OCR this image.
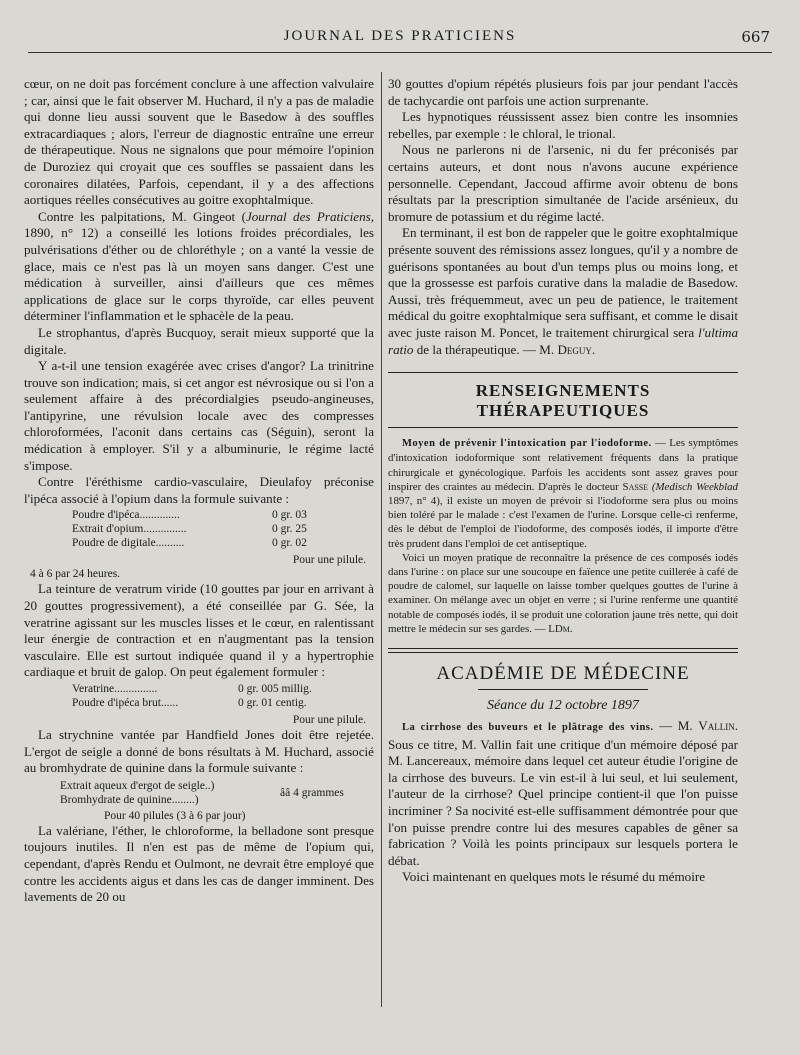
JOURNAL DES PRATICIENS	667

cœur, on ne doit pas forcément conclure à une affection valvulaire ; car, ainsi que le fait observer M. Huchard, il n'y a pas de maladie qui donne lieu aussi souvent que le Basedow à des souffles extracardiaques ; alors, l'erreur de diagnostic entraîne une erreur de thérapeutique. Nous ne signalons que pour mémoire l'opinion de Duroziez qui croyait que ces souffles se passaient dans les coronaires dilatées, Parfois, cependant, il y a des affections aortiques réelles consécutives au goitre exophtalmique.

Contre les palpitations, M. Gingeot (Journal des Praticiens, 1890, n° 12) a conseillé les lotions froides précordiales, les pulvérisations d'éther ou de chloréthyle ; on a vanté la vessie de glace, mais ce n'est pas là un moyen sans danger. C'est une médication à surveiller, ainsi d'ailleurs que ces mêmes applications de glace sur le corps thyroïde, car elles peuvent déterminer l'inflammation et le sphacèle de la peau.

Le strophantus, d'après Bucquoy, serait mieux supporté que la digitale.

Y a-t-il une tension exagérée avec crises d'angor? La trinitrine trouve son indication; mais, si cet angor est névrosique ou si l'on a seulement affaire à des précordialgies pseudo-angineuses, l'antipyrine, une révulsion locale avec des compresses chloroformées, l'aconit dans certains cas (Séguin), seront la médication à employer. S'il y a albuminurie, le régime lacté s'impose.

Contre l'éréthisme cardio-vasculaire, Dieulafoy préconise l'ipéca associé à l'opium dans la formule suivante :

Poudre d'ipéca..............	0 gr. 03
Extrait d'opium...............	0 gr. 25
Poudre de digitale..........	0 gr. 02
Pour une pilule.
4 à 6 par 24 heures.

La teinture de veratrum viride (10 gouttes par jour en arrivant à 20 gouttes progressivement), a été conseillée par G. Sée, la veratrine agissant sur les muscles lisses et le cœur, en ralentissant leur énergie de contraction et en n'augmentant pas la tension vasculaire. Elle est surtout indiquée quand il y a hypertrophie cardiaque et bruit de galop. On peut également formuler :

Veratrine...............	0 gr. 005 millig.
Poudre d'ipéca brut......	0 gr. 01 centig.
Pour une pilule.

La strychnine vantée par Handfield Jones doit être rejetée. L'ergot de seigle a donné de bons résultats à M. Huchard, associé au bromhydrate de quinine dans la formule suivante :

Extrait aqueux d'ergot de seigle..)
Bromhydrate de quinine........)
ââ 4 grammes
Pour 40 pilules (3 à 6 par jour)

La valériane, l'éther, le chloroforme, la belladone sont presque toujours inutiles. Il n'en est pas de même de l'opium qui, cependant, d'après Rendu et Oulmont, ne devrait être employé que contre les accidents aigus et dans les cas de danger imminent. Des lavements de 20 ou

30 gouttes d'opium répétés plusieurs fois par jour pendant l'accès de tachycardie ont parfois une action surprenante.

Les hypnotiques réussissent assez bien contre les insomnies rebelles, par exemple : le chloral, le trional.

Nous ne parlerons ni de l'arsenic, ni du fer préconisés par certains auteurs, et dont nous n'avons aucune expérience personnelle. Cependant, Jaccoud affirme avoir obtenu de bons résultats par la prescription simultanée de l'acide arsénieux, du bromure de potassium et du régime lacté.

En terminant, il est bon de rappeler que le goitre exophtalmique présente souvent des rémissions assez longues, qu'il y a nombre de guérisons spontanées au bout d'un temps plus ou moins long, et que la grossesse est parfois curative dans la maladie de Basedow. Aussi, très fréquemmeut, avec un peu de patience, le traitement médical du goitre exophtalmique sera suffisant, et comme le disait avec juste raison M. Poncet, le traitement chirurgical sera l'ultima ratio de la thérapeutique. — M. Deguy.

RENSEIGNEMENTS THÉRAPEUTIQUES

Moyen de prévenir l'intoxication par l'iodoforme. — Les symptômes d'intoxication iodoformique sont relativement fréquents dans la pratique chirurgicale et gynécologique. Parfois les accidents sont assez graves pour inspirer des craintes au médecin. D'après le docteur Sasse (Medisch Weekblad 1897, n° 4), il existe un moyen de prévoir si l'iodoforme sera plus ou moins bien toléré par le malade : c'est l'examen de l'urine. Lorsque celle-ci renferme, dès le début de l'emploi de l'iodoforme, des composés iodés, il importe d'être très prudent dans l'emploi de cet antiseptique.

Voici un moyen pratique de reconnaître la présence de ces composés iodés dans l'urine : on place sur une soucoupe en faïence une petite cuillerée à café de poudre de calomel, sur laquelle on laisse tomber quelques gouttes de l'urine à examiner. On mélange avec un objet en verre ; si l'urine renferme une quantité notable de composés iodés, il se produit une coloration jaune très nette, qui doit mettre le médecin sur ses gardes. — LDm.

ACADÉMIE DE MÉDECINE
Séance du 12 octobre 1897

La cirrhose des buveurs et le plâtrage des vins. — M. Vallin. Sous ce titre, M. Vallin fait une critique d'un mémoire déposé par M. Lancereaux, mémoire dans lequel cet auteur étudie l'origine de la cirrhose des buveurs. Le vin est-il à lui seul, et lui seulement, l'auteur de la cirrhose? Quel principe contient-il que l'on puisse incriminer ? Sa nocivité est-elle suffisamment démontrée pour que l'on puisse prendre contre lui des mesures capables de gêner sa fabrication ? Voilà les points principaux sur lesquels portera le débat.

Voici maintenant en quelques mots le résumé du mémoire
